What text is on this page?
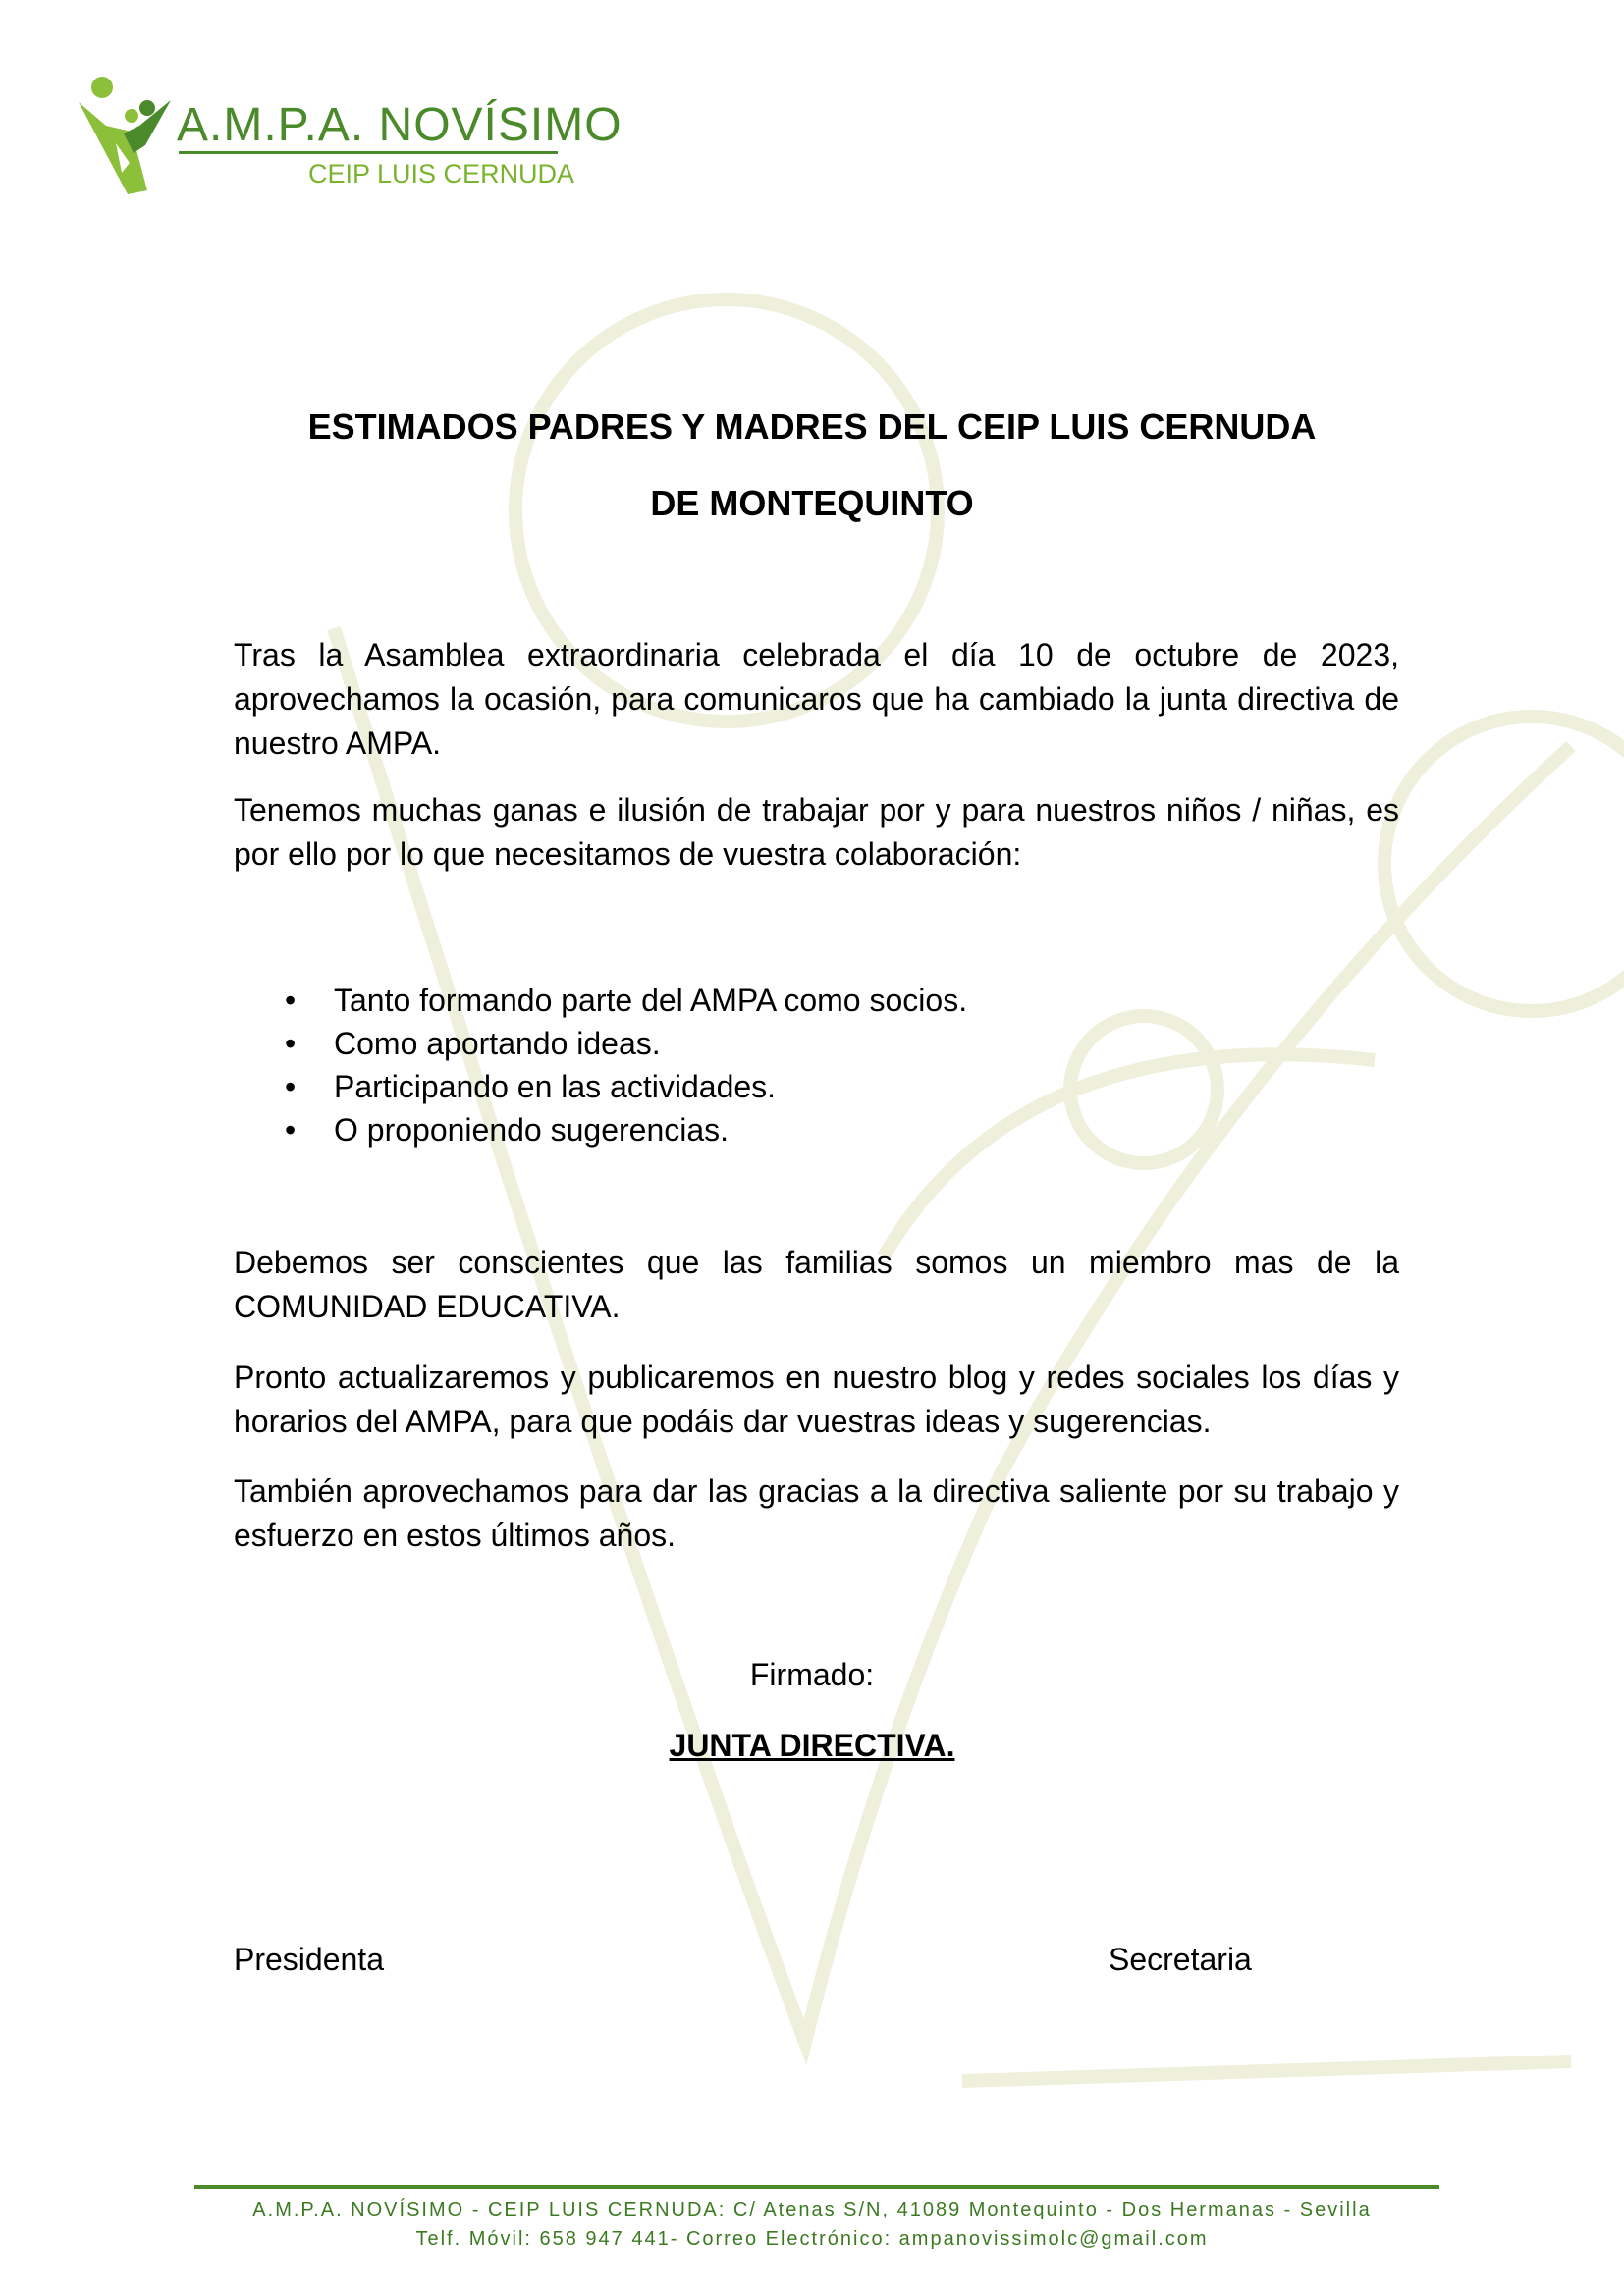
A.M.P.A. NOVÍSIMO
CEIP LUIS CERNUDA
ESTIMADOS PADRES Y MADRES DEL CEIP LUIS CERNUDA
DE MONTEQUINTO

Tras la Asamblea extraordinaria celebrada el día 10 de octubre de 2023, aprovechamos la ocasión, para comunicaros que ha cambiado la junta directiva de nuestro AMPA.

Tenemos muchas ganas e ilusión de trabajar por y para nuestros niños / niñas, es por ello por lo que necesitamos de vuestra colaboración:

• Tanto formando parte del AMPA como socios.
• Como aportando ideas.
• Participando en las actividades.
• O proponiendo sugerencias.

Debemos ser conscientes que las familias somos un miembro mas de la COMUNIDAD EDUCATIVA.

Pronto actualizaremos y publicaremos en nuestro blog y redes sociales los días y horarios del AMPA, para que podáis dar vuestras ideas y sugerencias.

También aprovechamos para dar las gracias a la directiva saliente por su trabajo y esfuerzo en estos últimos años.

Firmado:
JUNTA DIRECTIVA.
Presidenta	Secretaria
A.M.P.A. NOVÍSIMO - CEIP LUIS CERNUDA: C/ Atenas S/N, 41089 Montequinto - Dos Hermanas - Sevilla
Telf. Móvil: 658 947 441- Correo Electrónico: ampanovissimolc@gmail.com
